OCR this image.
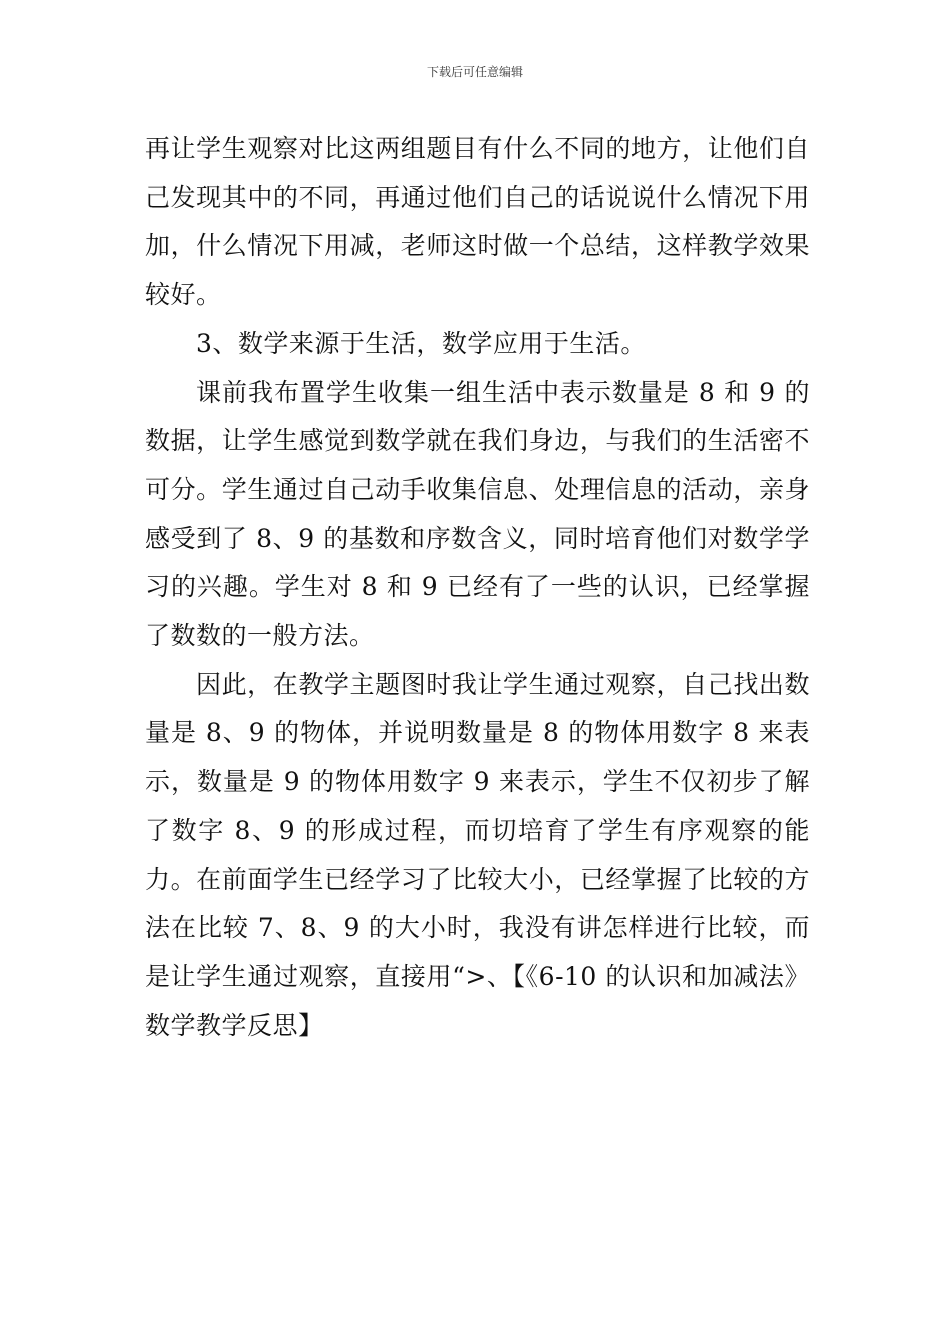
下载后可任意编辑

再让学生观察对比这两组题目有什么不同的地方，让他们自己发现其中的不同，再通过他们自己的话说说什么情况下用加，什么情况下用减，老师这时做一个总结，这样教学效果较好。

3、数学来源于生活，数学应用于生活。

课前我布置学生收集一组生活中表示数量是 8 和 9 的数据，让学生感觉到数学就在我们身边，与我们的生活密不可分。学生通过自己动手收集信息、处理信息的活动，亲身感受到了 8、9 的基数和序数含义，同时培育他们对数学学习的兴趣。学生对 8 和 9 已经有了一些的认识，已经掌握了数数的一般方法。

因此，在教学主题图时我让学生通过观察，自己找出数量是 8、9 的物体，并说明数量是 8 的物体用数字 8 来表示，数量是 9 的物体用数字 9 来表示，学生不仅初步了解了数字 8、9 的形成过程，而切培育了学生有序观察的能力。在前面学生已经学习了比较大小，已经掌握了比较的方法在比较 7、8、9 的大小时，我没有讲怎样进行比较，而是让学生通过观察，直接用“>、【《6-10 的认识和加减法》数学教学反思】
